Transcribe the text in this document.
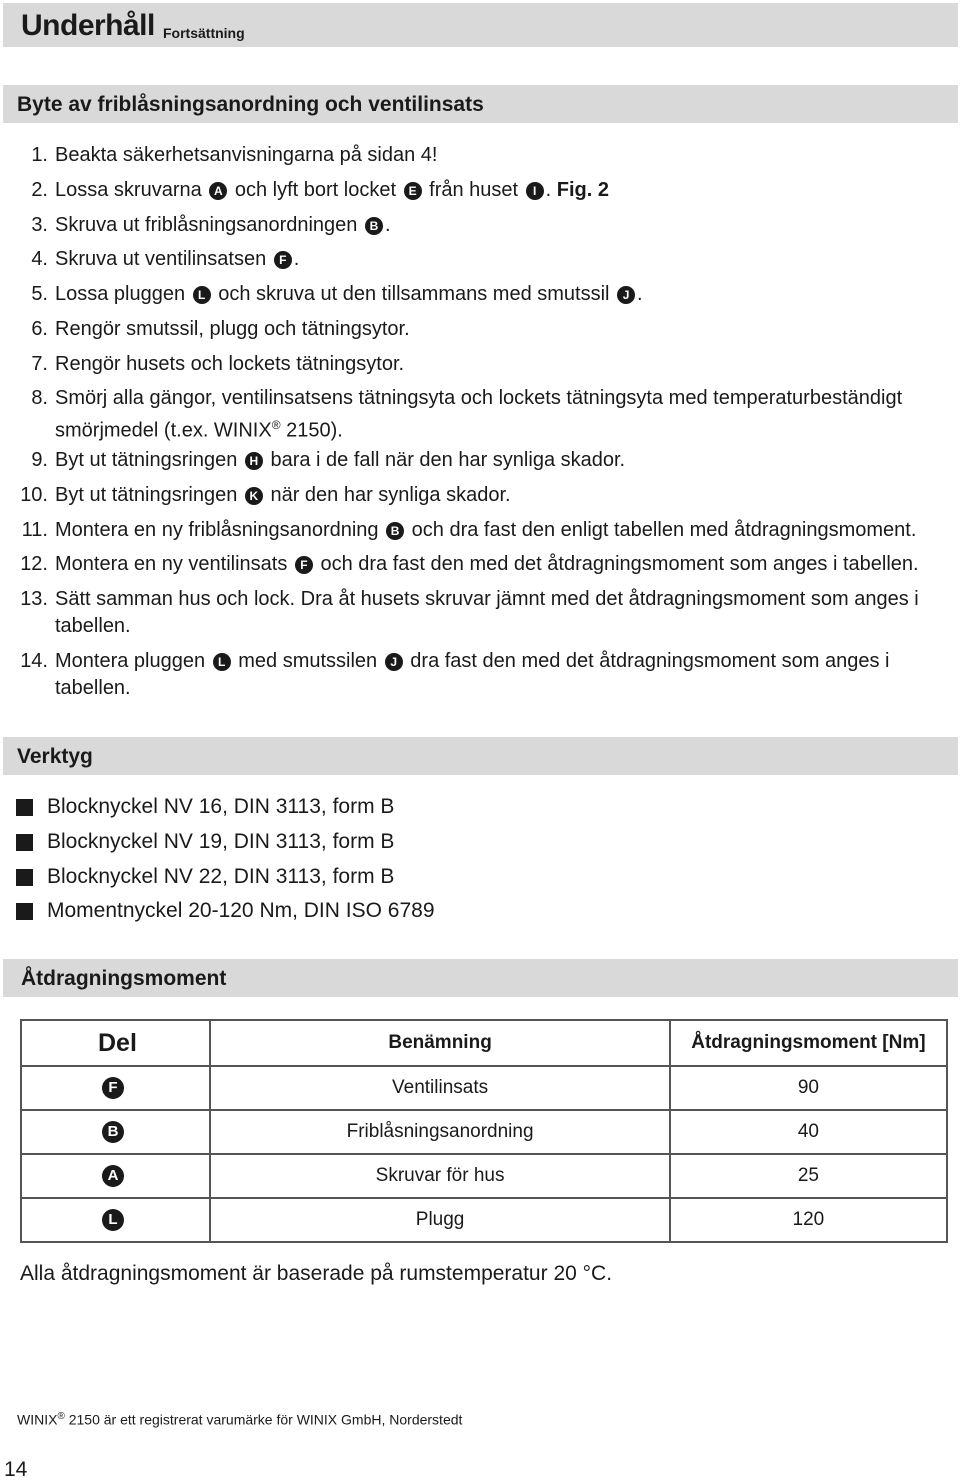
Underhåll Fortsättning
Byte av friblåsningsanordning och ventilinsats
1. Beakta säkerhetsanvisningarna på sidan 4!
2. Lossa skruvarna A och lyft bort locket E från huset I . Fig. 2
3. Skruva ut friblåsningsanordningen B .
4. Skruva ut ventilinsatsen F .
5. Lossa pluggen L och skruva ut den tillsammans med smutssil J .
6. Rengör smutssil, plugg och tätningsytor.
7. Rengör husets och lockets tätningsytor.
8. Smörj alla gängor, ventilinsatsens tätningsyta och lockets tätningsyta med temperaturbeständigt
smörjmedel (t.ex. WINIX® 2150).
9. Byt ut tätningsringen H bara i de fall när den har synliga skador.
10. Byt ut tätningsringen K när den har synliga skador.
11. Montera en ny friblåsningsanordning B och dra fast den enligt tabellen med åtdragningsmoment.
12. Montera en ny ventilinsats F och dra fast den med det åtdragningsmoment som anges i tabellen.
13. Sätt samman hus och lock. Dra åt husets skruvar jämnt med det åtdragningsmoment som anges i
tabellen.
14. Montera pluggen L med smutssilen J dra fast den med det åtdragningsmoment som anges i
tabellen.
Verktyg
Blocknyckel NV 16, DIN 3113, form B
Blocknyckel NV 19, DIN 3113, form B
Blocknyckel NV 22, DIN 3113, form B
Momentnyckel 20-120 Nm, DIN ISO 6789
Åtdragningsmoment
Del	Benämning	Åtdragningsmoment [Nm]
F	Ventilinsats	90
B	Friblåsningsanordning	40
A	Skruvar för hus	25
L	Plugg	120
Alla åtdragningsmoment är baserade på rumstemperatur 20 °C.
WINIX® 2150 är ett registrerat varumärke för WINIX GmbH, Norderstedt
14
